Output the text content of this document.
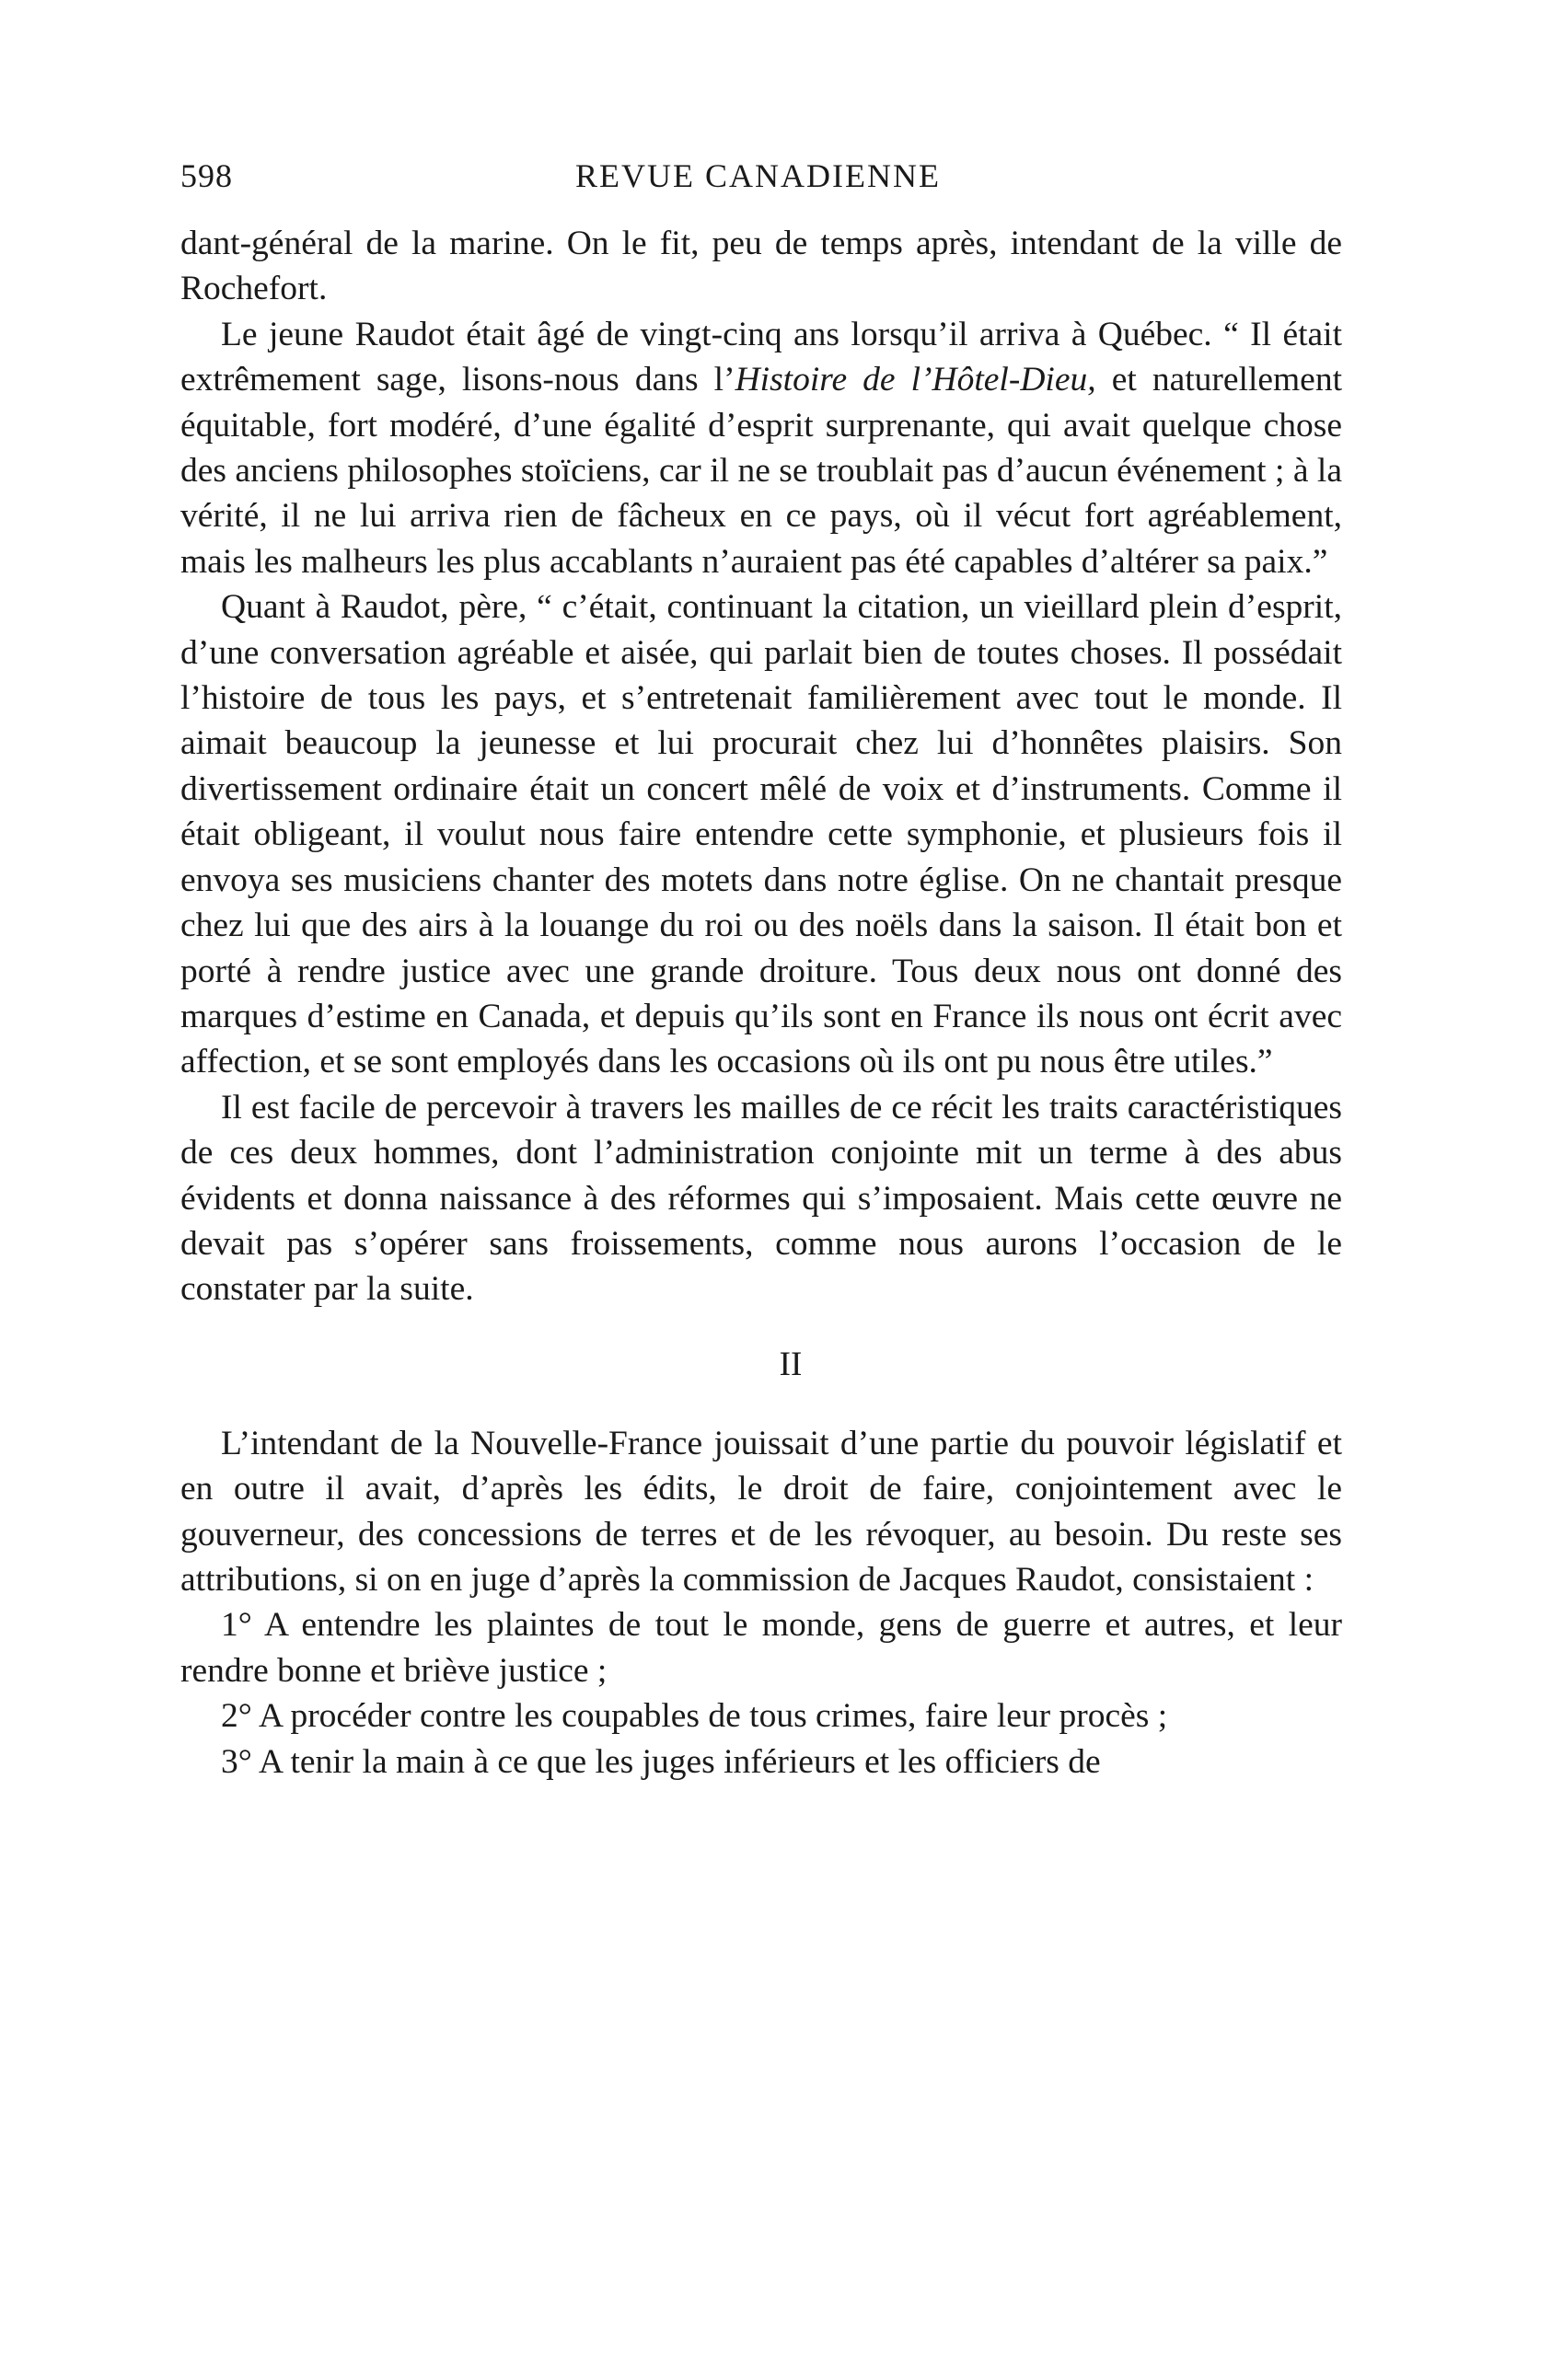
598	REVUE CANADIENNE

dant-général de la marine. On le fit, peu de temps après, intendant de la ville de Rochefort.

Le jeune Raudot était âgé de vingt-cinq ans lorsqu’il arriva à Québec. “ Il était extrêmement sage, lisons-nous dans l’Histoire de l’Hôtel-Dieu, et naturellement équitable, fort modéré, d’une égalité d’esprit surprenante, qui avait quelque chose des anciens philosophes stoïciens, car il ne se troublait pas d’aucun événement ; à la vérité, il ne lui arriva rien de fâcheux en ce pays, où il vécut fort agréablement, mais les malheurs les plus accablants n’auraient pas été capables d’altérer sa paix.”

Quant à Raudot, père, “ c’était, continuant la citation, un vieillard plein d’esprit, d’une conversation agréable et aisée, qui parlait bien de toutes choses. Il possédait l’histoire de tous les pays, et s’entretenait familièrement avec tout le monde. Il aimait beaucoup la jeunesse et lui procurait chez lui d’honnêtes plaisirs. Son divertissement ordinaire était un concert mêlé de voix et d’instruments. Comme il était obligeant, il voulut nous faire entendre cette symphonie, et plusieurs fois il envoya ses musiciens chanter des motets dans notre église. On ne chantait presque chez lui que des airs à la louange du roi ou des noëls dans la saison. Il était bon et porté à rendre justice avec une grande droiture. Tous deux nous ont donné des marques d’estime en Canada, et depuis qu’ils sont en France ils nous ont écrit avec affection, et se sont employés dans les occasions où ils ont pu nous être utiles.”

Il est facile de percevoir à travers les mailles de ce récit les traits caractéristiques de ces deux hommes, dont l’administration conjointe mit un terme à des abus évidents et donna naissance à des réformes qui s’imposaient. Mais cette œuvre ne devait pas s’opérer sans froissements, comme nous aurons l’occasion de le constater par la suite.

II

L’intendant de la Nouvelle-France jouissait d’une partie du pouvoir législatif et en outre il avait, d’après les édits, le droit de faire, conjointement avec le gouverneur, des concessions de terres et de les révoquer, au besoin. Du reste ses attributions, si on en juge d’après la commission de Jacques Raudot, consistaient :

1° A entendre les plaintes de tout le monde, gens de guerre et autres, et leur rendre bonne et briève justice ;

2° A procéder contre les coupables de tous crimes, faire leur procès ;

3° A tenir la main à ce que les juges inférieurs et les officiers de
